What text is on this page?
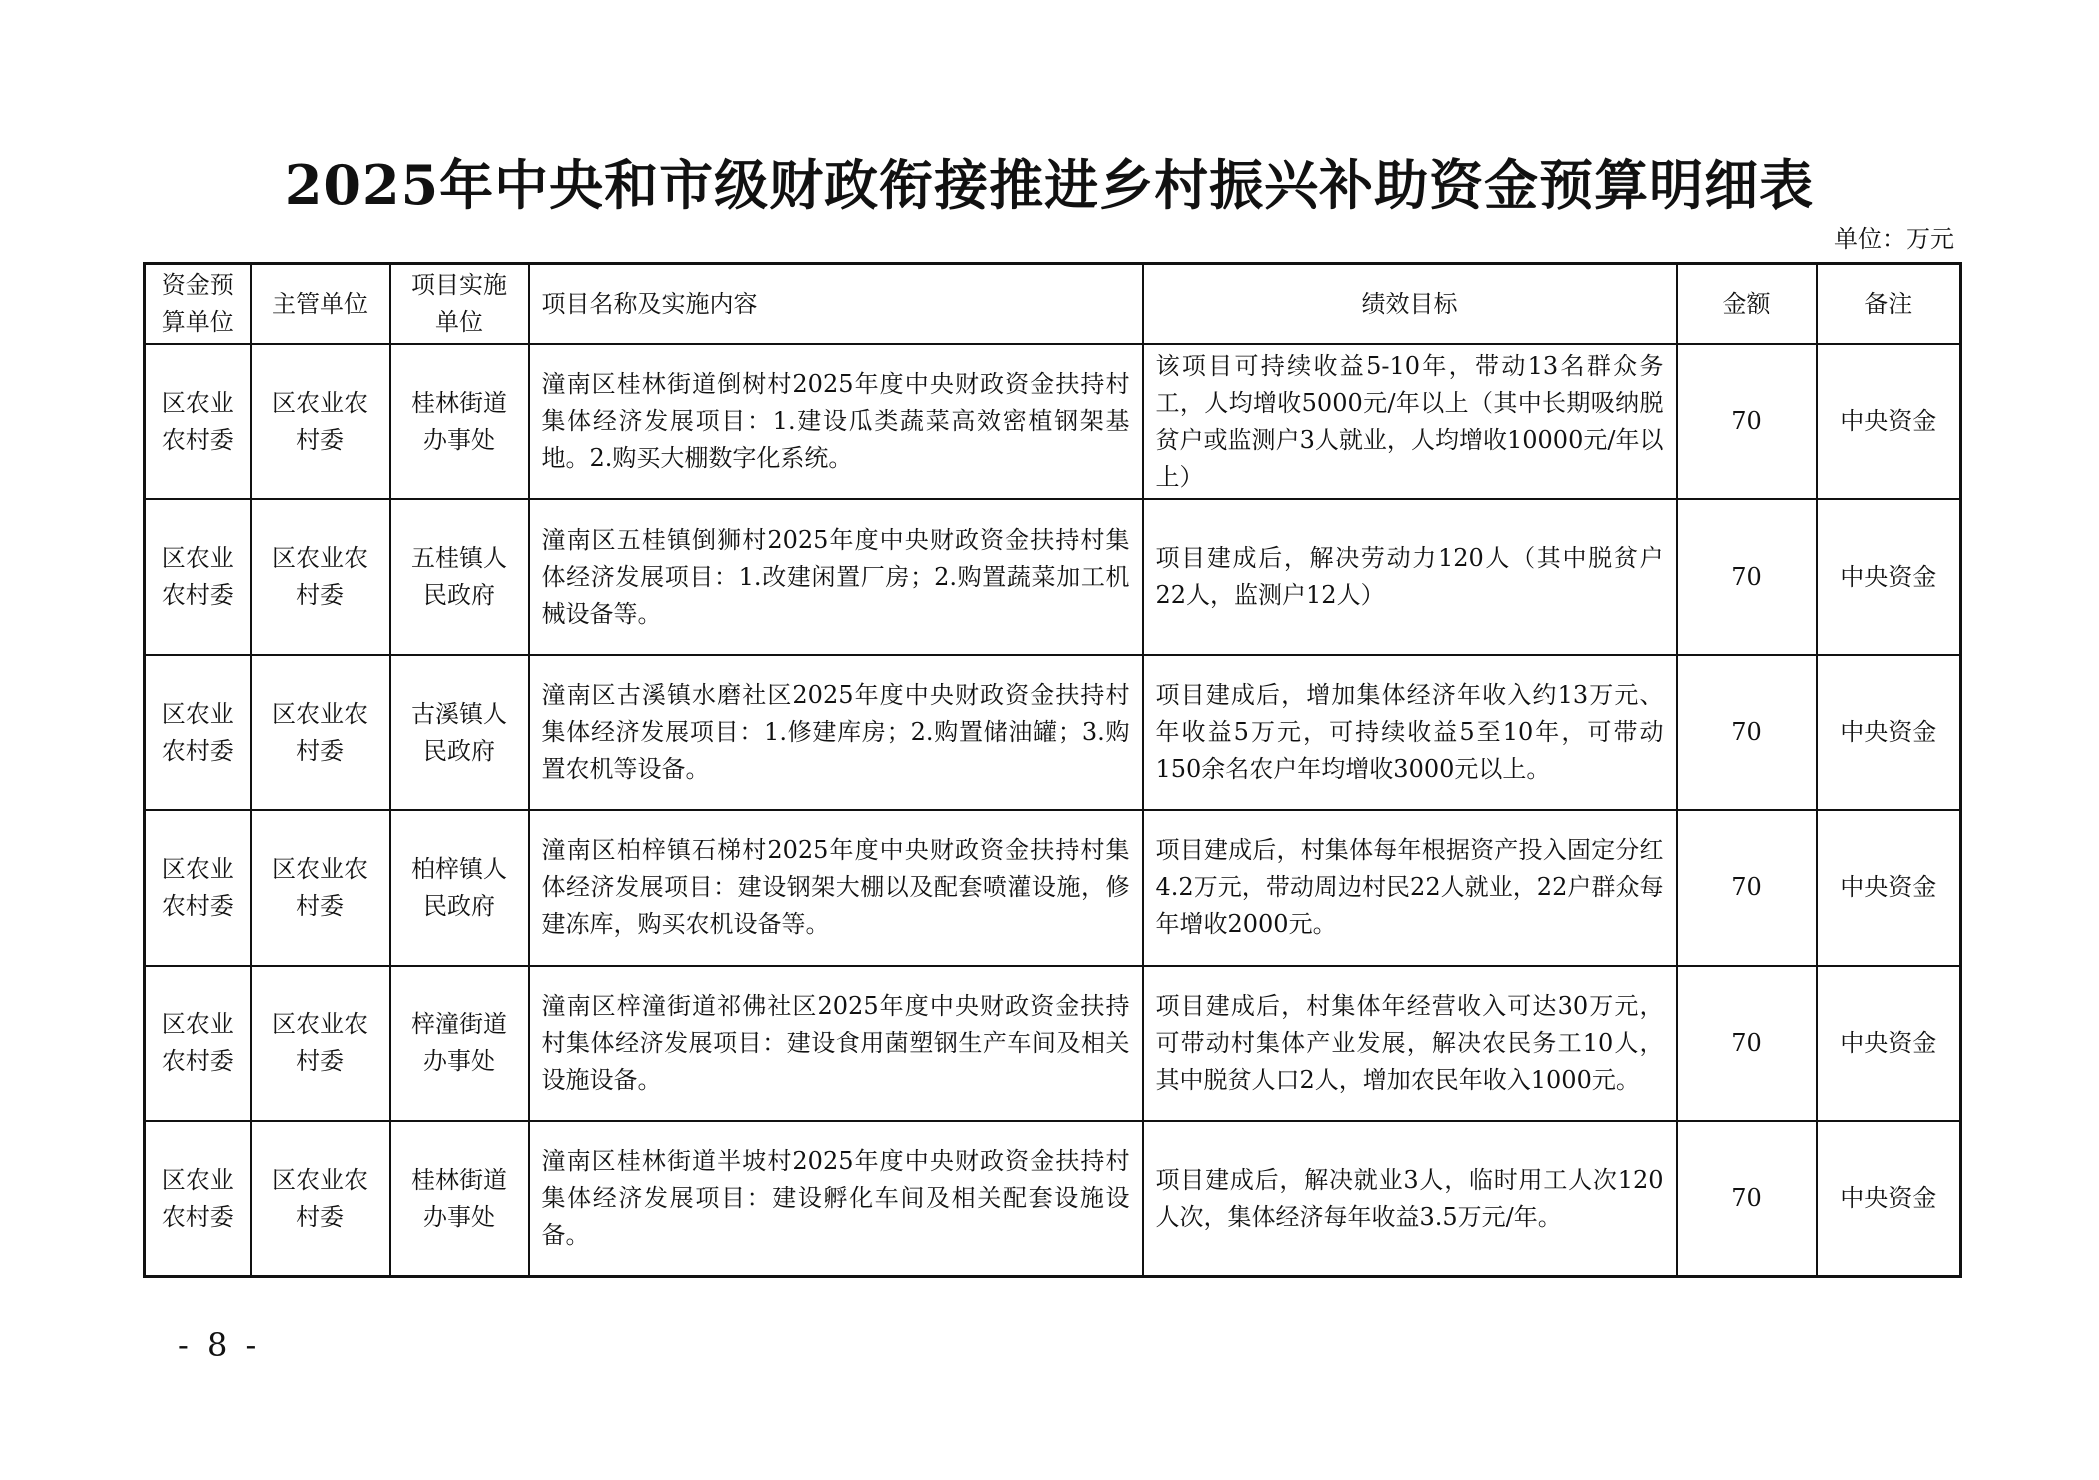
2025年中央和市级财政衔接推进乡村振兴补助资金预算明细表
单位：万元
资金预算单位	主管单位	项目实施单位	项目名称及实施内容	绩效目标	金额	备注
区农业农村委	区农业农村委	桂林街道办事处	潼南区桂林街道倒树村2025年度中央财政资金扶持村集体经济发展项目：1.建设瓜类蔬菜高效密植钢架基地。2.购买大棚数字化系统。	该项目可持续收益5-10年，带动13名群众务工，人均增收5000元/年以上（其中长期吸纳脱贫户或监测户3人就业，人均增收10000元/年以上）	70	中央资金
区农业农村委	区农业农村委	五桂镇人民政府	潼南区五桂镇倒狮村2025年度中央财政资金扶持村集体经济发展项目：1.改建闲置厂房；2.购置蔬菜加工机械设备等。	项目建成后，解决劳动力120人（其中脱贫户22人，监测户12人）	70	中央资金
区农业农村委	区农业农村委	古溪镇人民政府	潼南区古溪镇水磨社区2025年度中央财政资金扶持村集体经济发展项目：1.修建库房；2.购置储油罐；3.购置农机等设备。	项目建成后，增加集体经济年收入约13万元、年收益5万元，可持续收益5至10年，可带动150余名农户年均增收3000元以上。	70	中央资金
区农业农村委	区农业农村委	柏梓镇人民政府	潼南区柏梓镇石梯村2025年度中央财政资金扶持村集体经济发展项目：建设钢架大棚以及配套喷灌设施，修建冻库，购买农机设备等。	项目建成后，村集体每年根据资产投入固定分红4.2万元，带动周边村民22人就业，22户群众每年增收2000元。	70	中央资金
区农业农村委	区农业农村委	梓潼街道办事处	潼南区梓潼街道祁佛社区2025年度中央财政资金扶持村集体经济发展项目：建设食用菌塑钢生产车间及相关设施设备。	项目建成后，村集体年经营收入可达30万元，可带动村集体产业发展，解决农民务工10人，其中脱贫人口2人，增加农民年收入1000元。	70	中央资金
区农业农村委	区农业农村委	桂林街道办事处	潼南区桂林街道半坡村2025年度中央财政资金扶持村集体经济发展项目：建设孵化车间及相关配套设施设备。	项目建成后，解决就业3人，临时用工人次120人次，集体经济每年收益3.5万元/年。	70	中央资金
- 8 -
